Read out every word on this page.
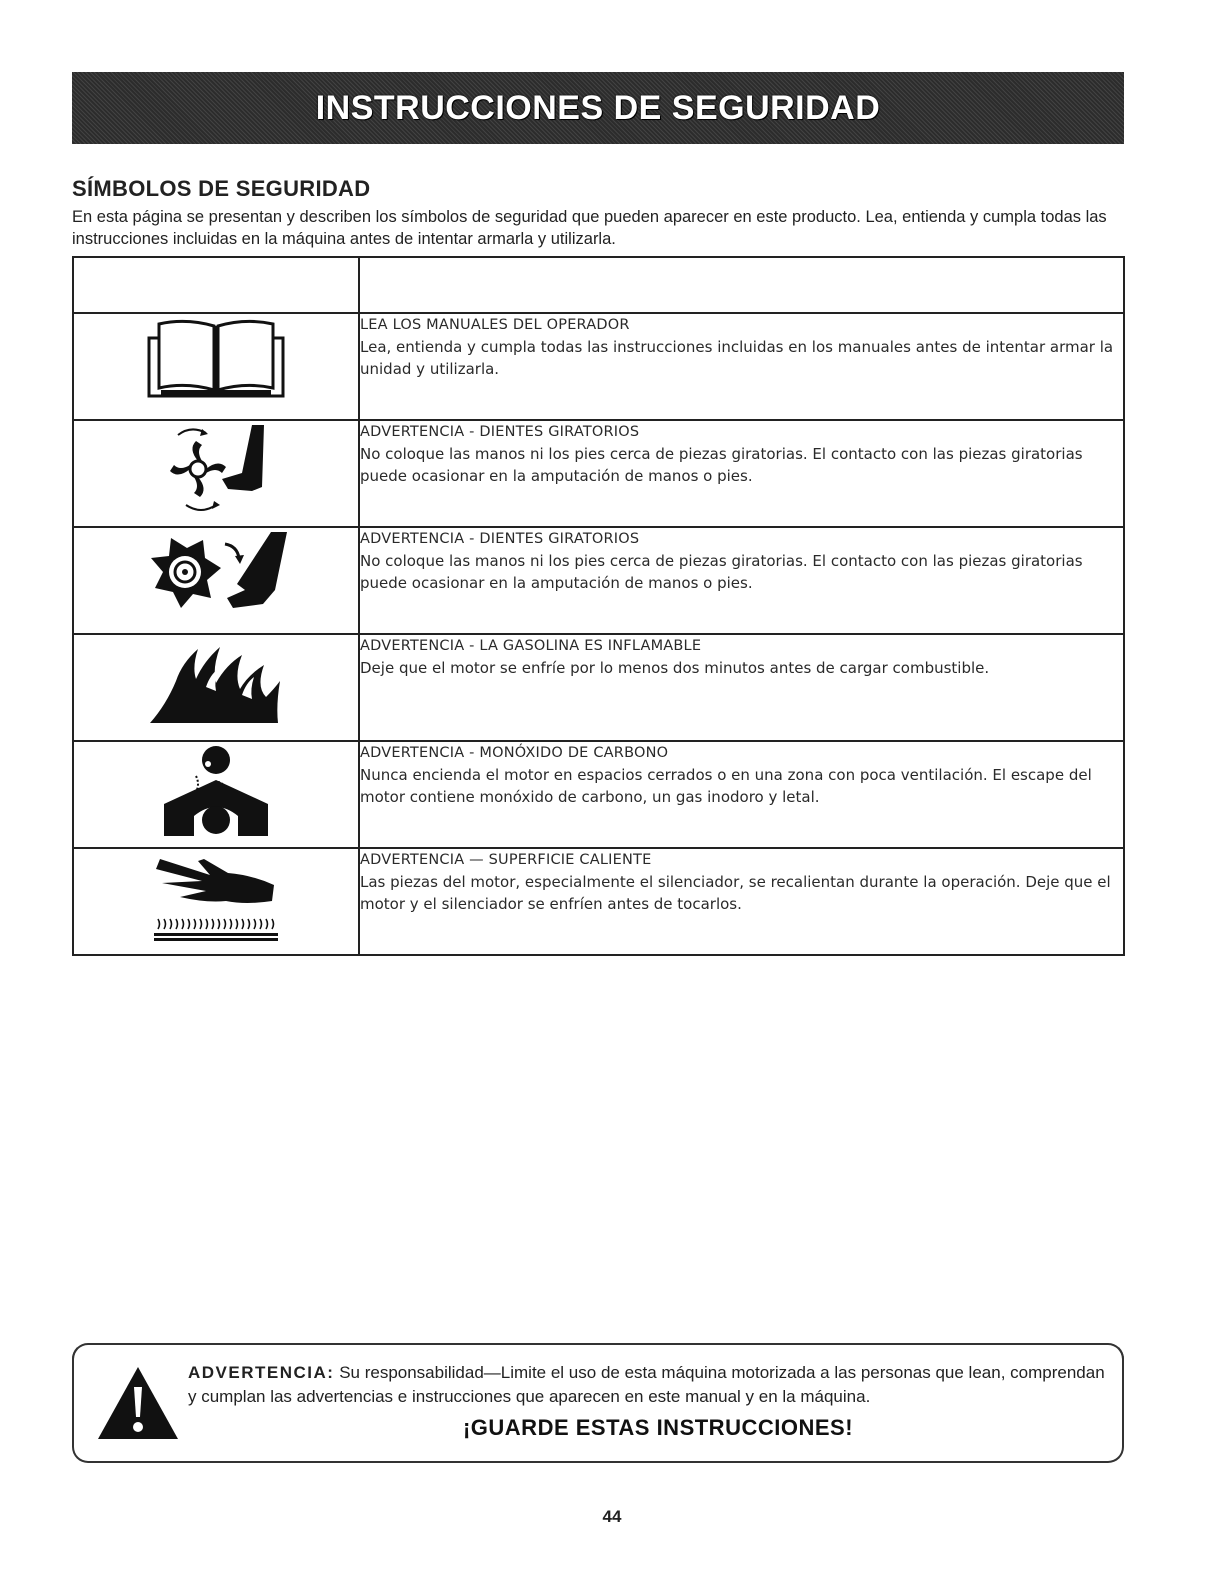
INSTRUCCIONES DE SEGURIDAD
SÍMBOLOS DE SEGURIDAD
En esta página se presentan y describen los símbolos de seguridad que pueden aparecer en este producto. Lea, entienda y cumpla todas las
instrucciones incluidas en la máquina antes de intentar armarla y utilizarla.

LEA LOS MANUALES DEL OPERADOR
Lea, entienda y cumpla todas las instrucciones incluidas en los manuales antes de intentar armar la unidad y utilizarla.

ADVERTENCIA - DIENTES GIRATORIOS
No coloque las manos ni los pies cerca de piezas giratorias. El contacto con las piezas giratorias puede ocasionar en la amputación de manos o pies.

ADVERTENCIA - DIENTES GIRATORIOS
No coloque las manos ni los pies cerca de piezas giratorias. El contacto con las piezas giratorias puede ocasionar en la amputación de manos o pies.

ADVERTENCIA - LA GASOLINA ES INFLAMABLE
Deje que el motor se enfríe por lo menos dos minutos antes de cargar combustible.

ADVERTENCIA - MONÓXIDO DE CARBONO
Nunca encienda el motor en espacios cerrados o en una zona con poca ventilación. El escape del motor contiene monóxido de carbono, un gas inodoro y letal.

ADVERTENCIA — SUPERFICIE CALIENTE
Las piezas del motor, especialmente el silenciador, se recalientan durante la operación. Deje que el motor y el silenciador se enfríen antes de tocarlos.
ADVERTENCIA: Su responsabilidad—Limite el uso de esta máquina motorizada a las personas que lean, comprendan y cumplan las advertencias e instrucciones que aparecen en este manual y en la máquina.
¡GUARDE ESTAS INSTRUCCIONES!
44
